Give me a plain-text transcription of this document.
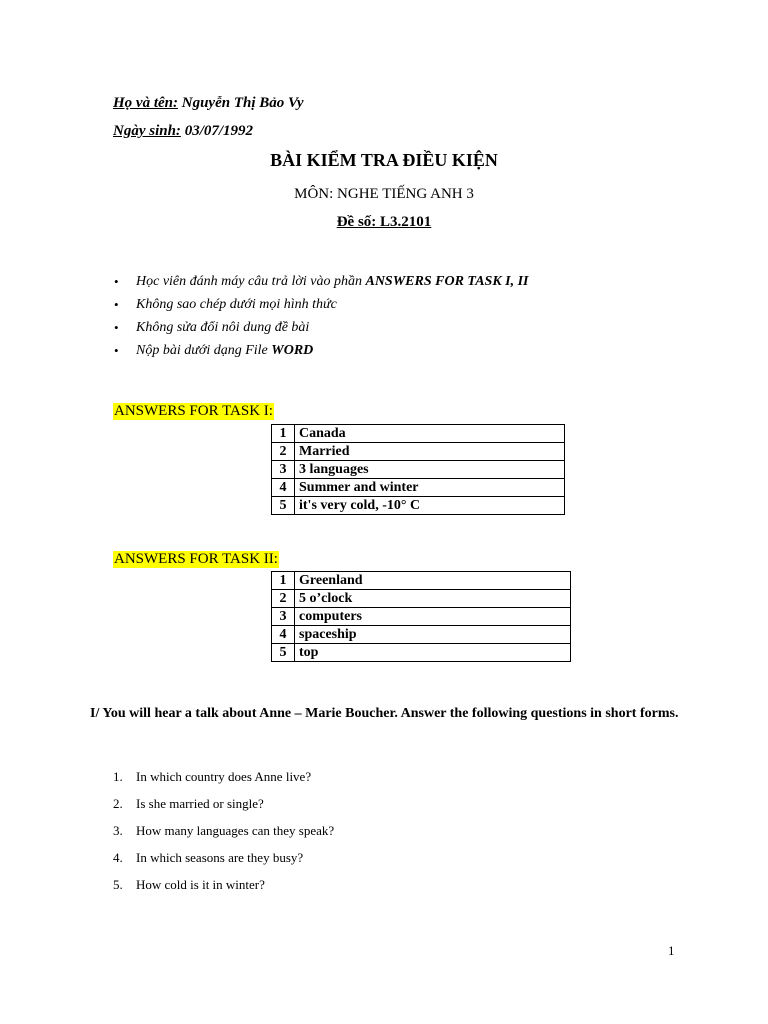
Họ và tên: Nguyễn Thị Bảo Vy
Ngày sinh: 03/07/1992
BÀI KIỂM TRA ĐIỀU KIỆN
MÔN: NGHE TIẾNG ANH 3
Đề số: L3.2101
• Học viên đánh máy câu trả lời vào phần ANSWERS FOR TASK I, II
• Không sao chép dưới mọi hình thức
• Không sửa đổi nôi dung đề bài
• Nộp bài dưới dạng File WORD
ANSWERS FOR TASK I:
1	Canada
2	Married
3	3 languages
4	Summer and winter
5	it's very cold, -10° C
ANSWERS FOR TASK II:
1	Greenland
2	5 o’clock
3	computers
4	spaceship
5	top
I/ You will hear a talk about Anne – Marie Boucher. Answer the following questions in short forms.
1. In which country does Anne live?
2. Is she married or single?
3. How many languages can they speak?
4. In which seasons are they busy?
5. How cold is it in winter?
1
